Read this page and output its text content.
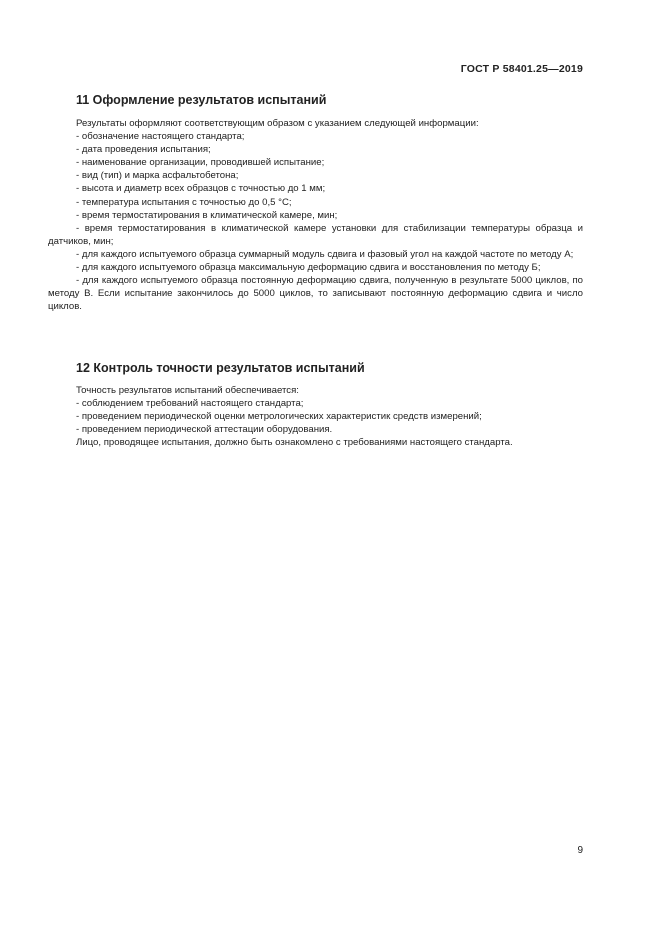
ГОСТ Р 58401.25—2019
11 Оформление результатов испытаний

Результаты оформляют соответствующим образом с указанием следующей информации:

- обозначение настоящего стандарта;

- дата проведения испытания;

- наименование организации, проводившей испытание;

- вид (тип) и марка асфальтобетона;

- высота и диаметр всех образцов с точностью до 1 мм;

- температура испытания с точностью до 0,5 °С;

- время термостатирования в климатической камере, мин;

- время термостатирования в климатической камере установки для стабилизации температуры образца и датчиков, мин;

- для каждого испытуемого образца суммарный модуль сдвига и фазовый угол на каждой частоте по методу А;

- для каждого испытуемого образца максимальную деформацию сдвига и восстановления по методу Б;

- для каждого испытуемого образца постоянную деформацию сдвига, полученную в результате 5000 циклов, по методу В. Если испытание закончилось до 5000 циклов, то записывают постоянную деформацию сдвига и число циклов.

12 Контроль точности результатов испытаний

Точность результатов испытаний обеспечивается:

- соблюдением требований настоящего стандарта;

- проведением периодической оценки метрологических характеристик средств измерений;

- проведением периодической аттестации оборудования.

Лицо, проводящее испытания, должно быть ознакомлено с требованиями настоящего стандарта.

9
